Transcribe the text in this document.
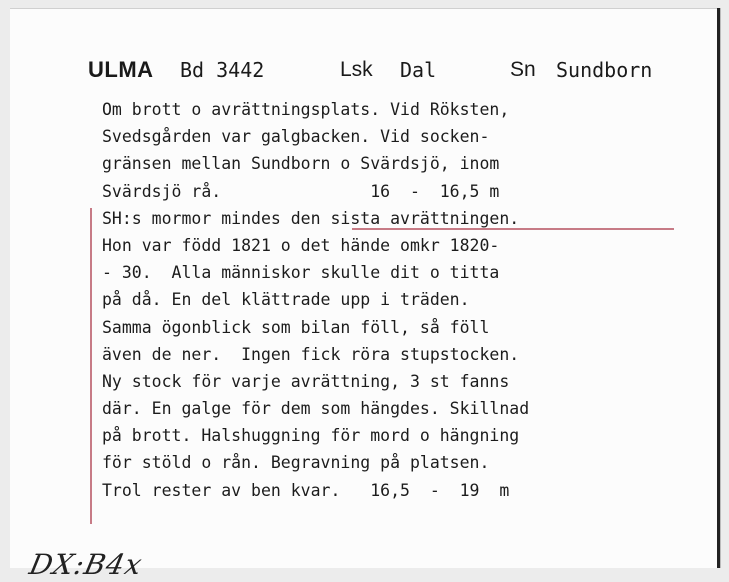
ULMA Bd 3442	Lsk Dal	Sn Sundborn
Om brott o avrättningsplats. Vid Röksten,
Svedsgården var galgbacken. Vid socken-
gränsen mellan Sundborn o Svärdsjö, inom
Svärdsjö rå.               16  -  16,5 m
SH:s mormor mindes den sista avrättningen.
Hon var född 1821 o det hände omkr 1820-
- 30.  Alla människor skulle dit o titta
på då. En del klättrade upp i träden.
Samma ögonblick som bilan föll, så föll
även de ner.  Ingen fick röra stupstocken.
Ny stock för varje avrättning, 3 st fanns
där. En galge för dem som hängdes. Skillnad
på brott. Halshuggning för mord o hängning
för stöld o rån. Begravning på platsen.
Trol rester av ben kvar.   16,5  -  19  m
DX:B4x
